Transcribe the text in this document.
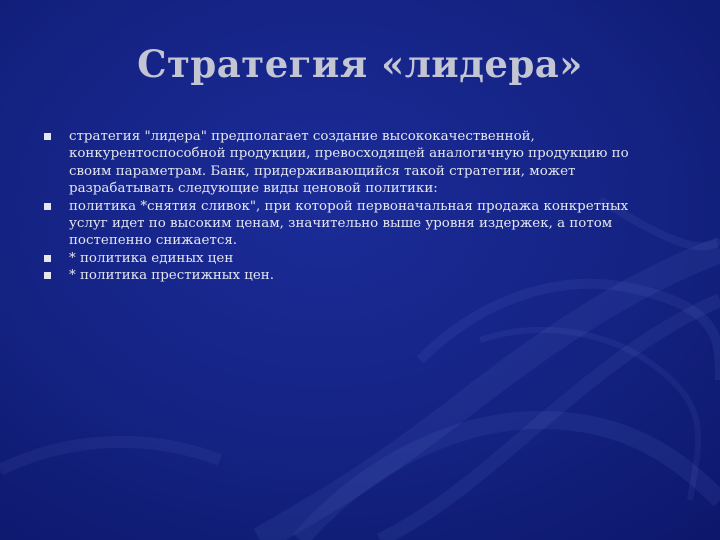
Стратегия «лидера»
стратегия "лидера" предполагает создание высококачественной,
конкурентоспособной продукции, превосходящей аналогичную продукцию по
своим параметрам. Банк, придерживающийся такой стратегии, может
разрабатывать следующие виды ценовой политики:
политика *снятия сливок", при которой первоначальная продажа конкретных
услуг идет по высоким ценам, значительно выше уровня издержек, а потом
постепенно снижается.
* политика единых цен
* политика престижных цен.
